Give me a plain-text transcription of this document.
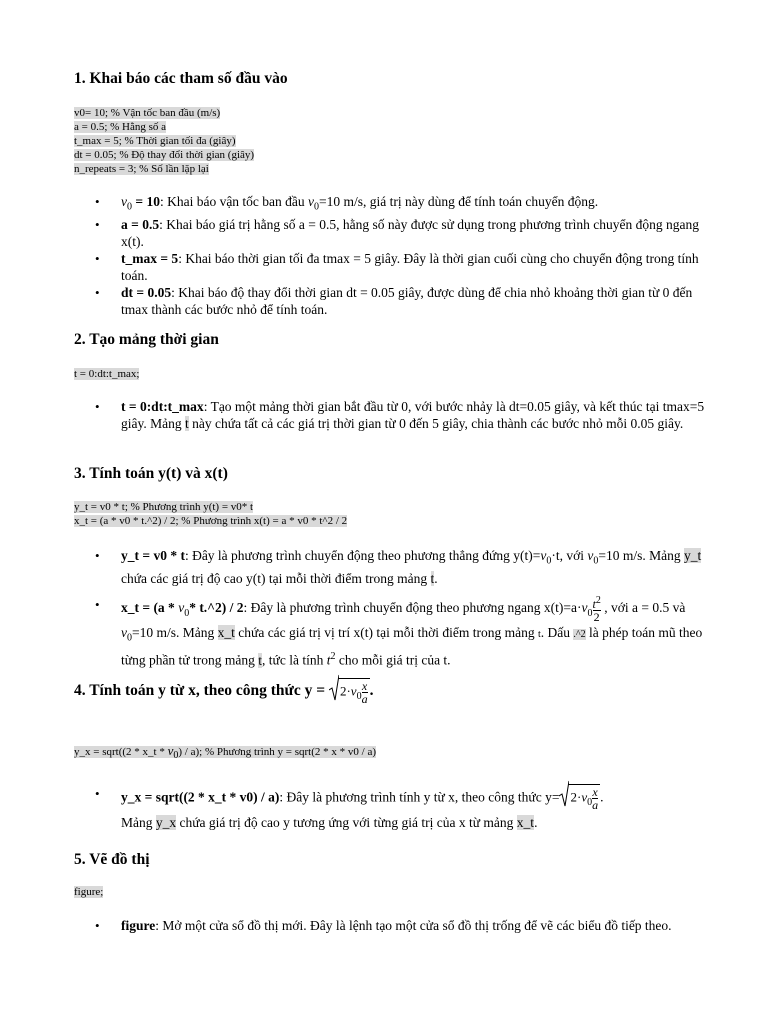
1. Khai báo các tham số đầu vào
v0= 10; % Vận tốc ban đầu (m/s)
a = 0.5; % Hằng số a
t_max = 5; % Thời gian tối đa (giây)
dt = 0.05; % Độ thay đổi thời gian (giây)
n_repeats = 3; % Số lần lặp lại
• $v_0 = 10$: Khai báo vận tốc ban đầu $v_0=10$ m/s, giá trị này dùng để tính toán chuyển động.
• a = 0.5: Khai báo giá trị hằng số a = 0.5, hằng số này được sử dụng trong phương trình chuyển động ngang x(t).
• t_max = 5: Khai báo thời gian tối đa tmax = 5 giây. Đây là thời gian cuối cùng cho chuyển động trong tính toán.
• dt = 0.05: Khai báo độ thay đổi thời gian dt = 0.05 giây, được dùng để chia nhỏ khoảng thời gian từ 0 đến tmax thành các bước nhỏ để tính toán.
2. Tạo mảng thời gian
t = 0:dt:t_max;
• t = 0:dt:t_max: Tạo một mảng thời gian bắt đầu từ 0, với bước nhảy là dt=0.05 giây, và kết thúc tại tmax=5 giây. Mảng t này chứa tất cả các giá trị thời gian từ 0 đến 5 giây, chia thành các bước nhỏ mỗi 0.05 giây.
3. Tính toán y(t) và x(t)
y_t = v0 * t; % Phương trình y(t) = v0* t
x_t = (a * v0 * t.^2) / 2; % Phương trình x(t) = a * v0 * t^2 / 2
• y_t = v0 * t: Đây là phương trình chuyển động theo phương thẳng đứng $y(t)=v_0\cdot t$, với $v_0=10$ m/s. Mảng y_t chứa các giá trị độ cao y(t) tại mỗi thời điểm trong mảng t.
• x_t = ($a * v_0*$ t.^2) / 2: Đây là phương trình chuyển động theo phương ngang $x(t)=a\cdot v_0 \frac{t^2}{2}$ , với a = 0.5 và $v_0=10$ m/s. Mảng x_t chứa các giá trị vị trí x(t) tại mỗi thời điểm trong mảng t. Dấu .^2 là phép toán mũ theo từng phần tử trong mảng t, tức là tính $t^2$ cho mỗi giá trị của t.
4. Tính toán y từ x, theo công thức $y = 2\cdot v_0 \frac{x}{a}$ .
y_x = sqrt((2 * x_t * $v_0) / a$); % Phương trình y = sqrt(2 * x * v0 / a)
• y_x = sqrt((2 * x_t * v0) / a): Đây là phương trình tính y từ x, theo công thức $y= 2\cdot v_0 \frac{x}{a}$ .
Mảng y_x chứa giá trị độ cao y tương ứng với từng giá trị của x từ mảng x_t.
5. Vẽ đồ thị
figure;
• figure: Mở một cửa sổ đồ thị mới. Đây là lệnh tạo một cửa sổ đồ thị trống để vẽ các biểu đồ tiếp theo.
